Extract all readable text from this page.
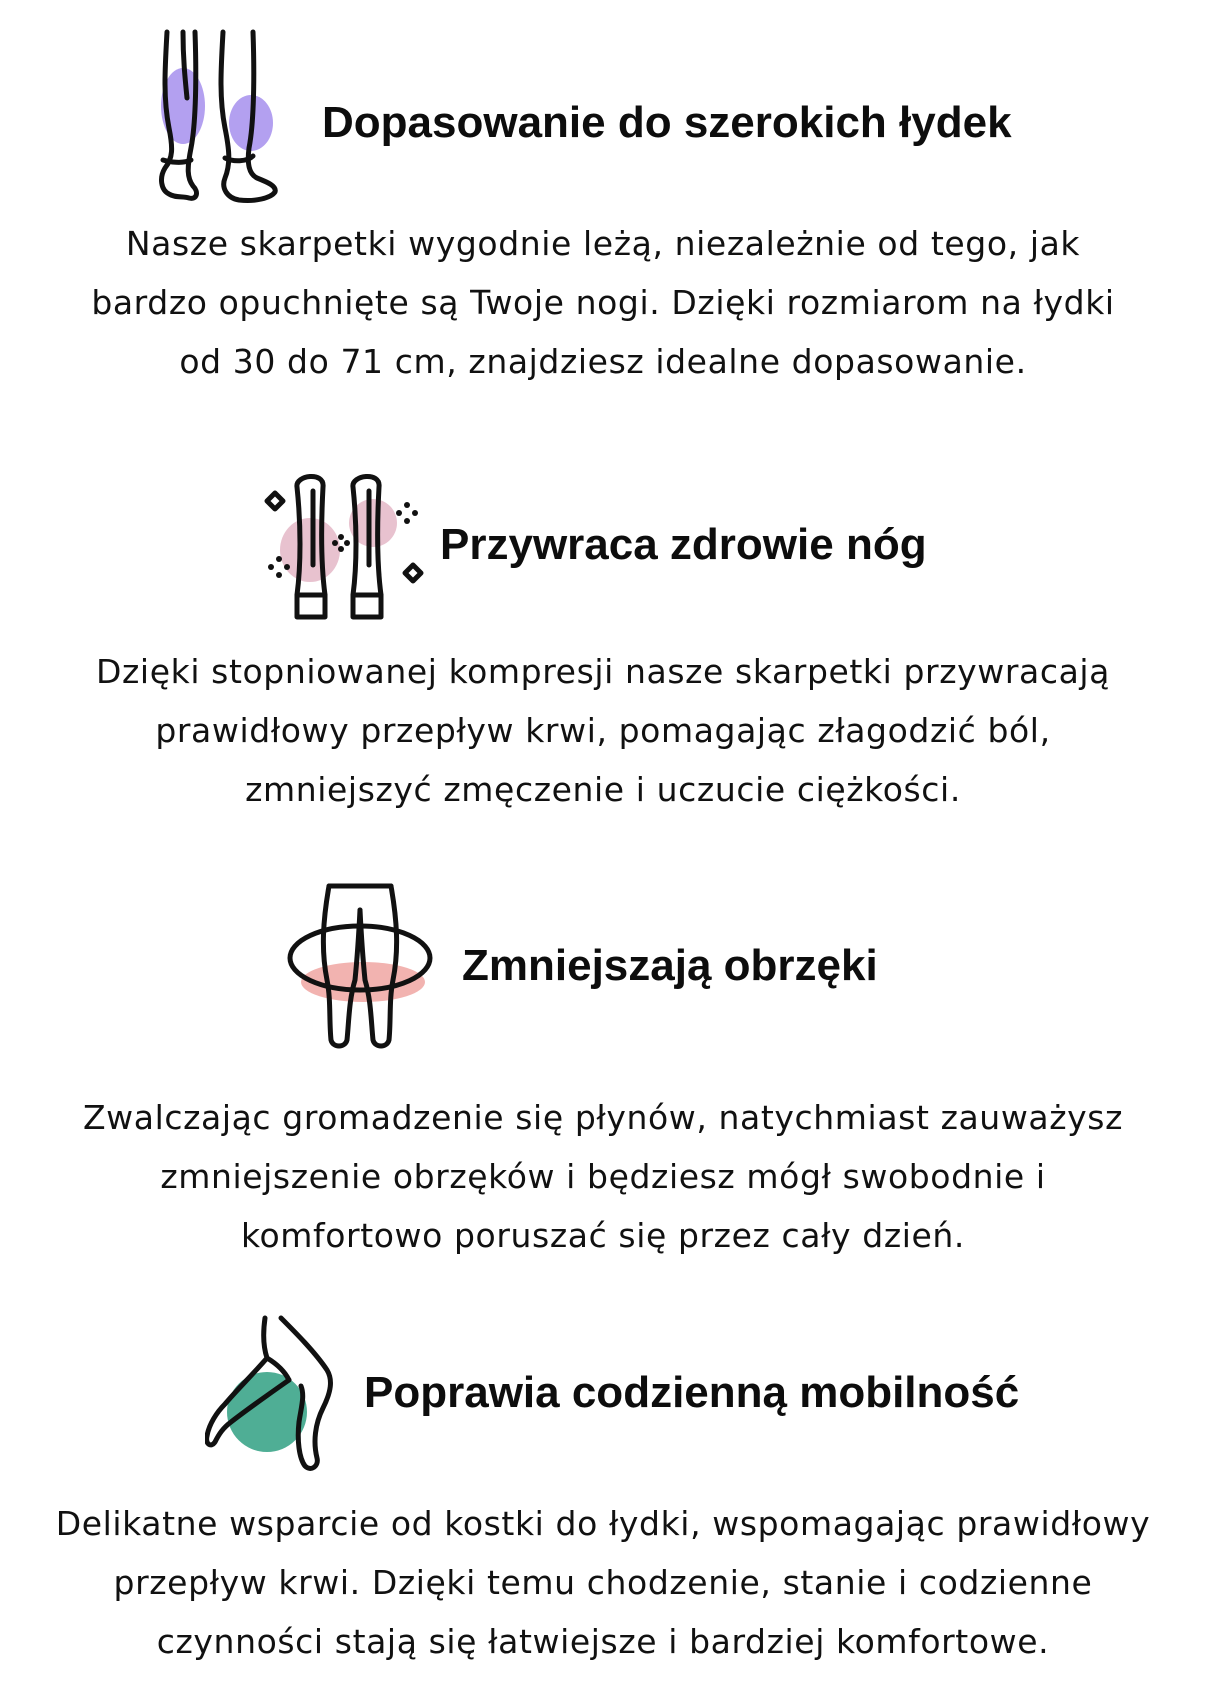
Dopasowanie do szerokich łydek

Nasze skarpetki wygodnie leżą, niezależnie od tego, jak
bardzo opuchnięte są Twoje nogi. Dzięki rozmiarom na łydki
od 30 do 71 cm, znajdziesz idealne dopasowanie.

Przywraca zdrowie nóg

Dzięki stopniowanej kompresji nasze skarpetki przywracają
prawidłowy przepływ krwi, pomagając złagodzić ból,
zmniejszyć zmęczenie i uczucie ciężkości.

Zmniejszają obrzęki

Zwalczając gromadzenie się płynów, natychmiast zauważysz
zmniejszenie obrzęków i będziesz mógł swobodnie i
komfortowo poruszać się przez cały dzień.

Poprawia codzienną mobilność

Delikatne wsparcie od kostki do łydki, wspomagając prawidłowy
przepływ krwi. Dzięki temu chodzenie, stanie i codzienne
czynności stają się łatwiejsze i bardziej komfortowe.
